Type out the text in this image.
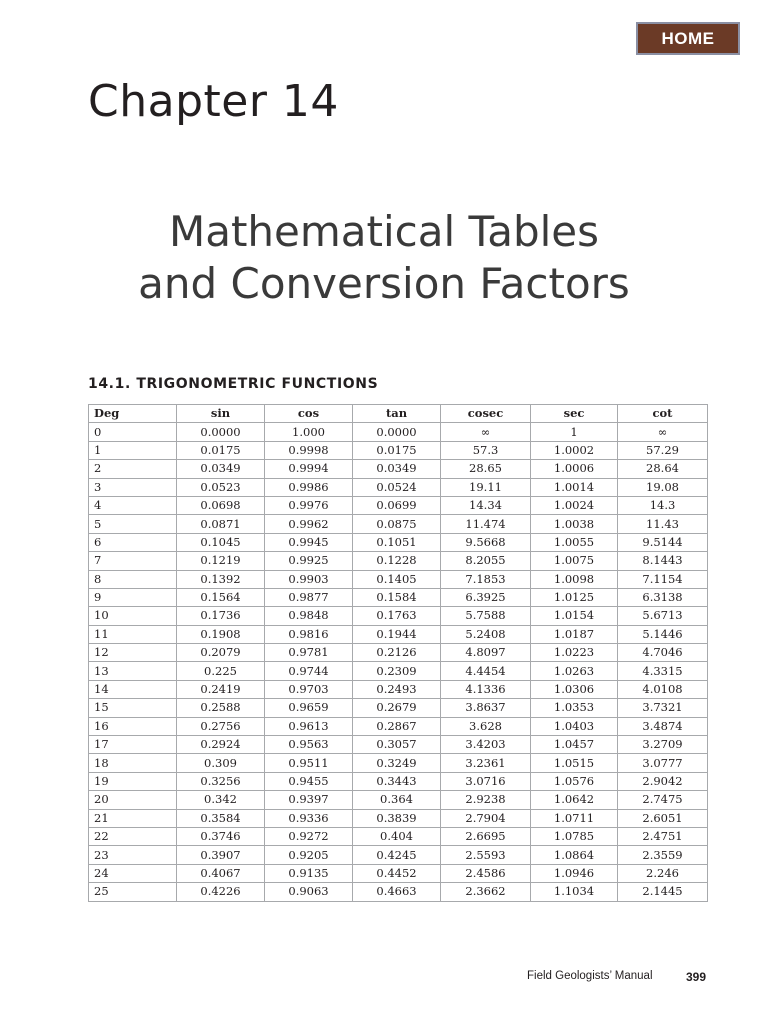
HOME
Chapter 14
Mathematical Tables
and Conversion Factors
14.1. TRIGONOMETRIC FUNCTIONS
Deg	sin	cos	tan	cosec	sec	cot
0	0.0000	1.000	0.0000	∞	1	∞
1	0.0175	0.9998	0.0175	57.3	1.0002	57.29
2	0.0349	0.9994	0.0349	28.65	1.0006	28.64
3	0.0523	0.9986	0.0524	19.11	1.0014	19.08
4	0.0698	0.9976	0.0699	14.34	1.0024	14.3
5	0.0871	0.9962	0.0875	11.474	1.0038	11.43
6	0.1045	0.9945	0.1051	9.5668	1.0055	9.5144
7	0.1219	0.9925	0.1228	8.2055	1.0075	8.1443
8	0.1392	0.9903	0.1405	7.1853	1.0098	7.1154
9	0.1564	0.9877	0.1584	6.3925	1.0125	6.3138
10	0.1736	0.9848	0.1763	5.7588	1.0154	5.6713
11	0.1908	0.9816	0.1944	5.2408	1.0187	5.1446
12	0.2079	0.9781	0.2126	4.8097	1.0223	4.7046
13	0.225	0.9744	0.2309	4.4454	1.0263	4.3315
14	0.2419	0.9703	0.2493	4.1336	1.0306	4.0108
15	0.2588	0.9659	0.2679	3.8637	1.0353	3.7321
16	0.2756	0.9613	0.2867	3.628	1.0403	3.4874
17	0.2924	0.9563	0.3057	3.4203	1.0457	3.2709
18	0.309	0.9511	0.3249	3.2361	1.0515	3.0777
19	0.3256	0.9455	0.3443	3.0716	1.0576	2.9042
20	0.342	0.9397	0.364	2.9238	1.0642	2.7475
21	0.3584	0.9336	0.3839	2.7904	1.0711	2.6051
22	0.3746	0.9272	0.404	2.6695	1.0785	2.4751
23	0.3907	0.9205	0.4245	2.5593	1.0864	2.3559
24	0.4067	0.9135	0.4452	2.4586	1.0946	2.246
25	0.4226	0.9063	0.4663	2.3662	1.1034	2.1445
Field Geologists’ Manual	399
